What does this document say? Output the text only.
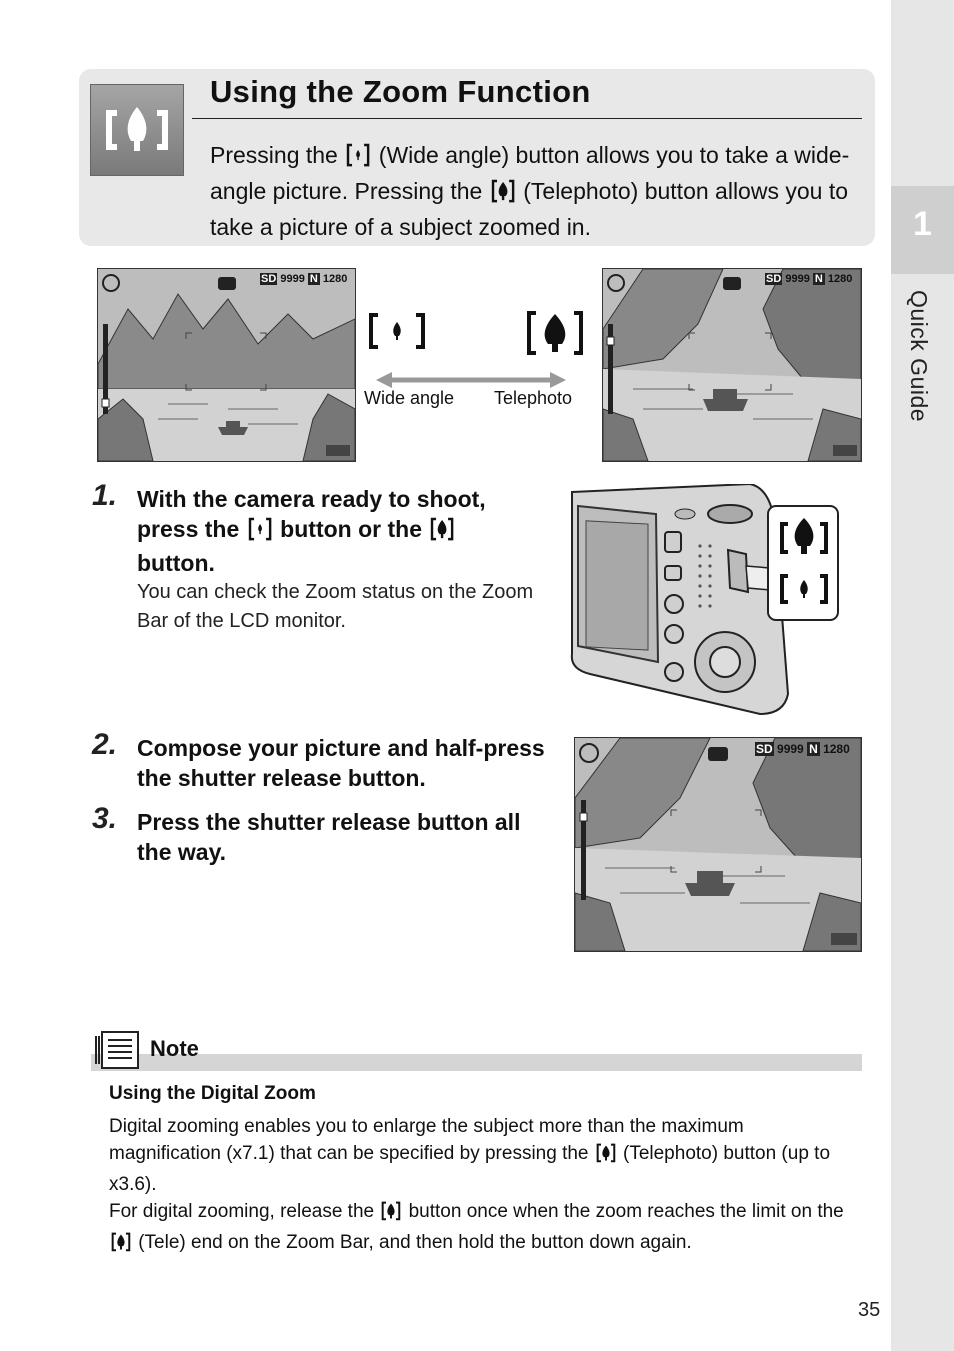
1
Quick Guide
Using the Zoom Function
Pressing the  (Wide angle) button allows you to take a wide-angle picture. Pressing the  (Telephoto) button allows you to take a picture of a subject zoomed in.
SD 9999 N 1280
Wide angle Telephoto
SD 9999 N 1280
1. With the camera ready to shoot, press the  button or the  button.
You can check the Zoom status on the Zoom Bar of the LCD monitor.
2. Compose your picture and half-press the shutter release button.
3. Press the shutter release button all the way.
SD 9999 N 1280
Note
Using the Digital Zoom
Digital zooming enables you to enlarge the subject more than the maximum magnification (x7.1) that can be specified by pressing the  (Telephoto) button (up to x3.6).
For digital zooming, release the  button once when the zoom reaches the limit on the  (Tele) end on the Zoom Bar, and then hold the button down again.
35
